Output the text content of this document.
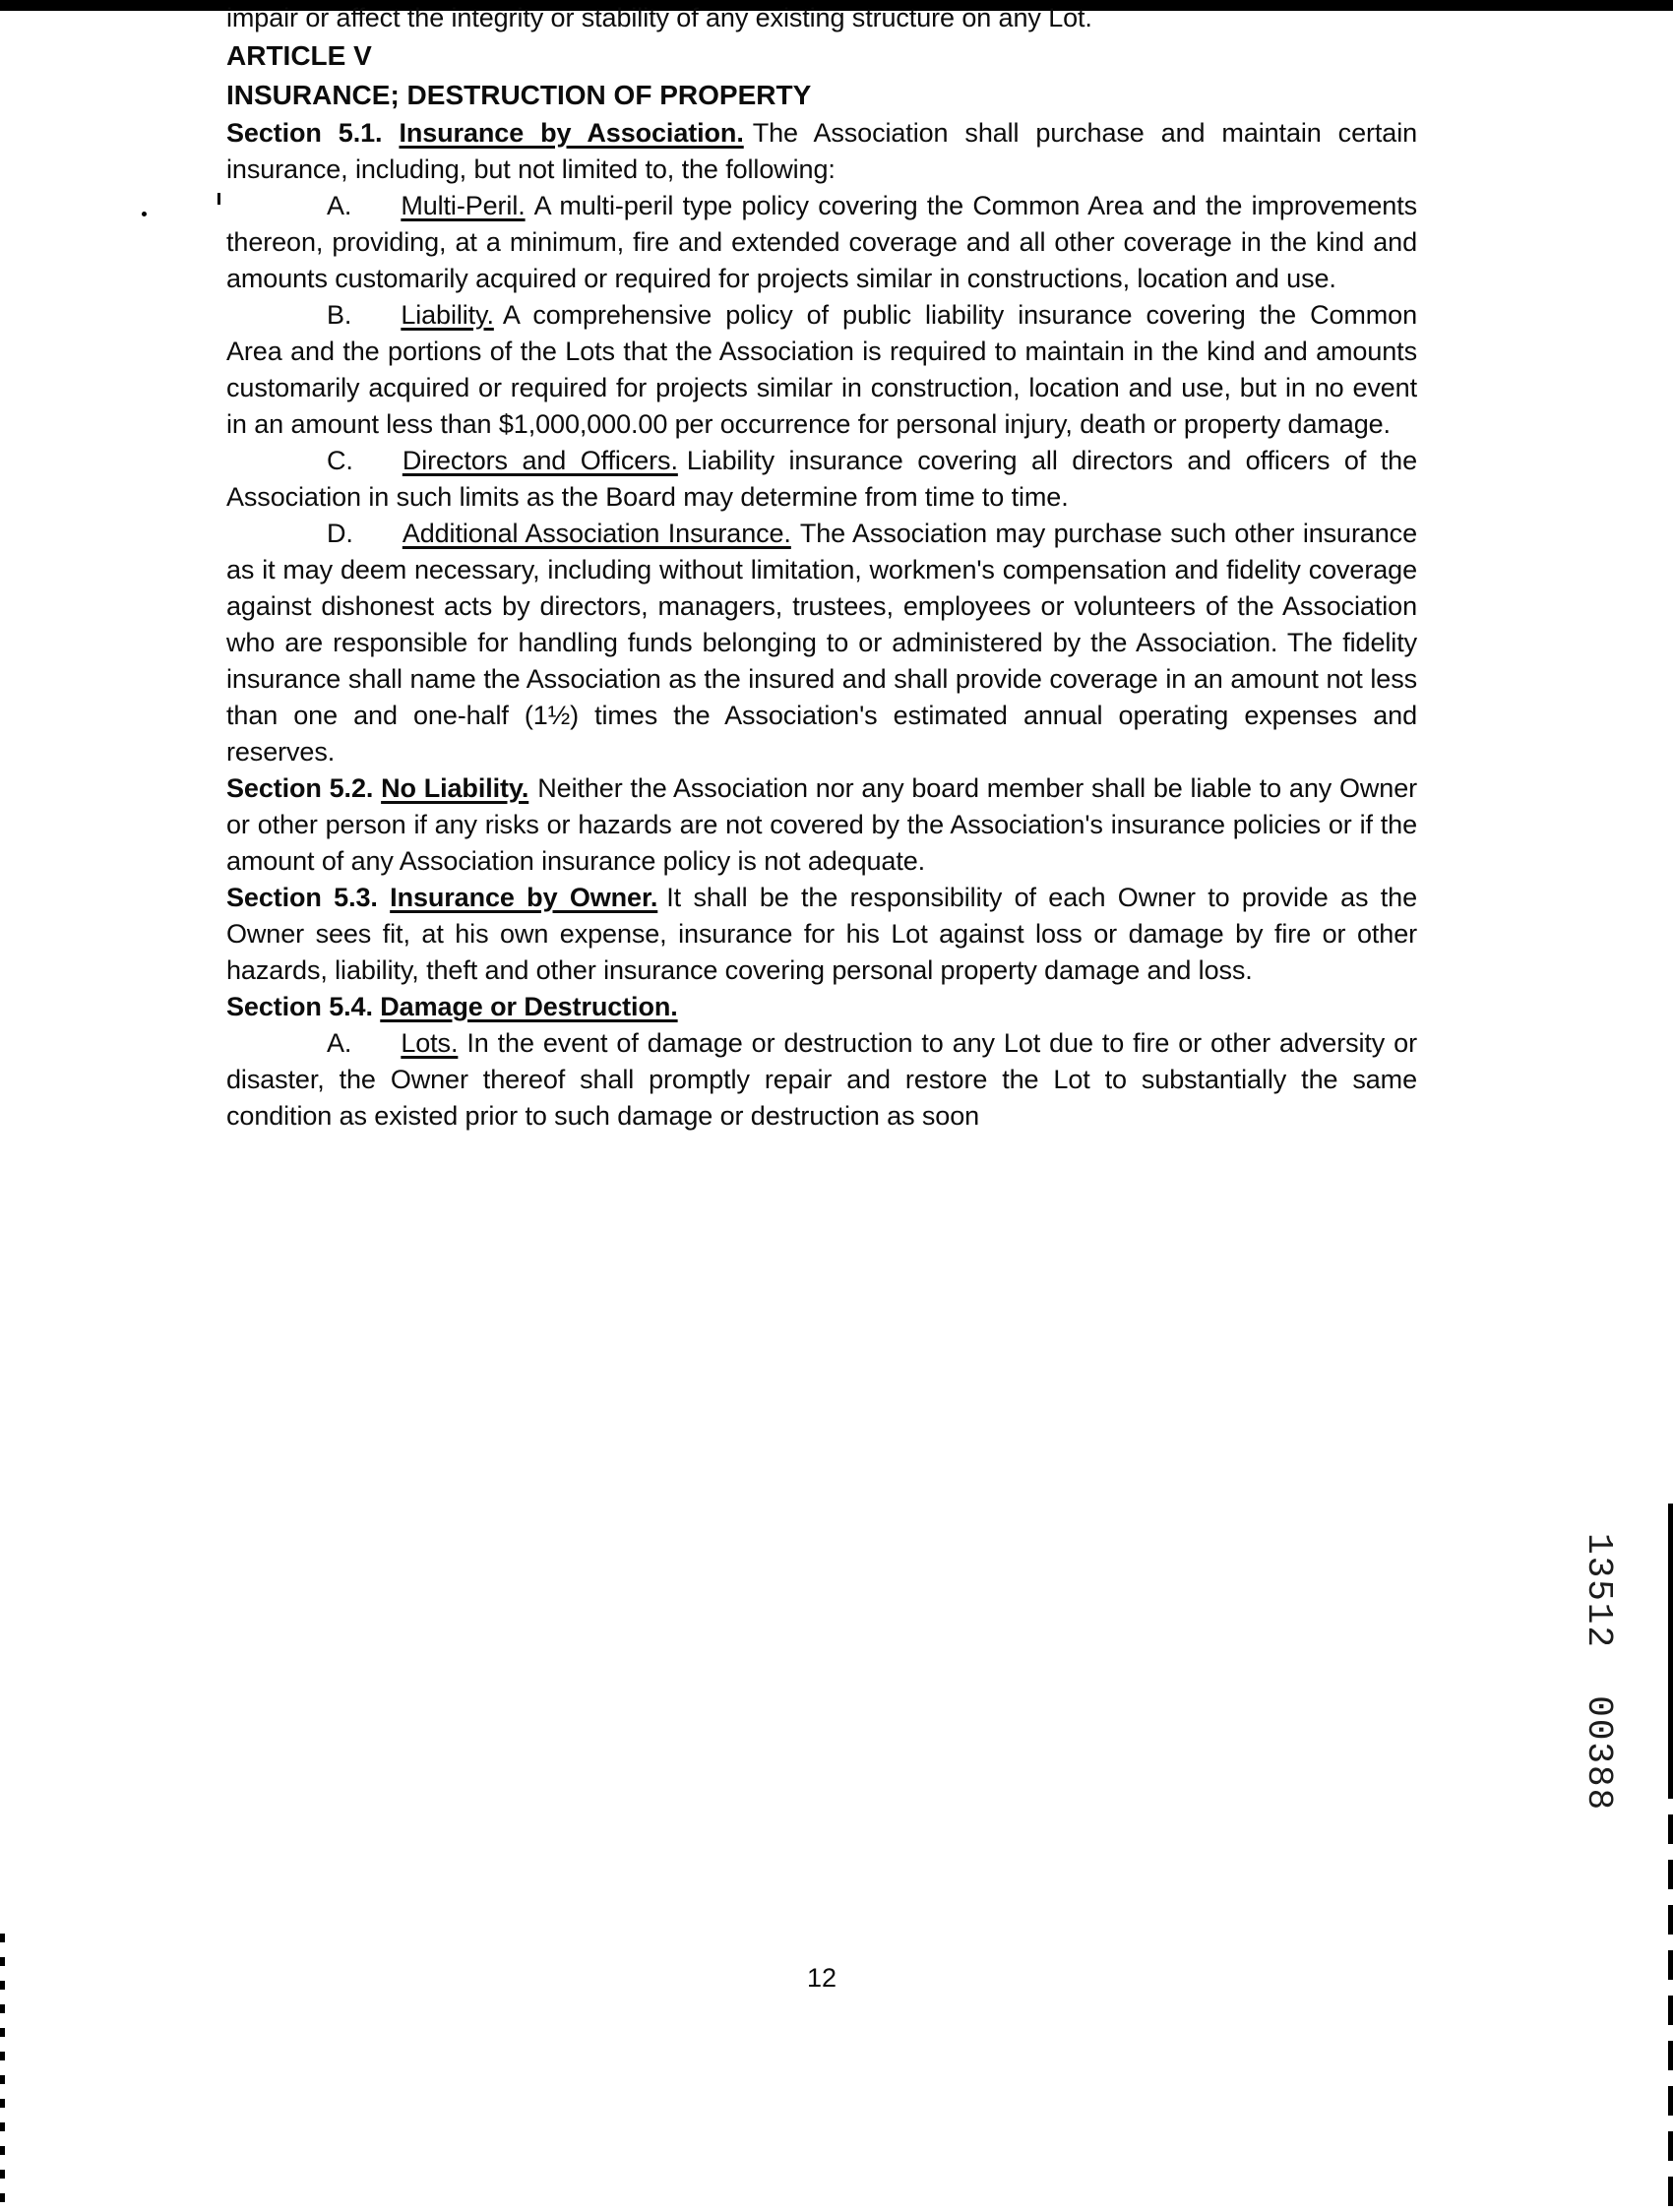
impair or affect the integrity or stability of any existing structure on any Lot.

ARTICLE V
INSURANCE; DESTRUCTION OF PROPERTY

Section 5.1. Insurance by Association. The Association shall purchase and maintain certain insurance, including, but not limited to, the following:

A. Multi-Peril. A multi-peril type policy covering the Common Area and the improvements thereon, providing, at a minimum, fire and extended coverage and all other coverage in the kind and amounts customarily acquired or required for projects similar in constructions, location and use.

B. Liability. A comprehensive policy of public liability insurance covering the Common Area and the portions of the Lots that the Association is required to maintain in the kind and amounts customarily acquired or required for projects similar in construction, location and use, but in no event in an amount less than $1,000,000.00 per occurrence for personal injury, death or property damage.

C. Directors and Officers. Liability insurance covering all directors and officers of the Association in such limits as the Board may determine from time to time.

D. Additional Association Insurance. The Association may purchase such other insurance as it may deem necessary, including without limitation, workmen's compensation and fidelity coverage against dishonest acts by directors, managers, trustees, employees or volunteers of the Association who are responsible for handling funds belonging to or administered by the Association. The fidelity insurance shall name the Association as the insured and shall provide coverage in an amount not less than one and one-half (1½) times the Association's estimated annual operating expenses and reserves.

Section 5.2. No Liability. Neither the Association nor any board member shall be liable to any Owner or other person if any risks or hazards are not covered by the Association's insurance policies or if the amount of any Association insurance policy is not adequate.

Section 5.3. Insurance by Owner. It shall be the responsibility of each Owner to provide as the Owner sees fit, at his own expense, insurance for his Lot against loss or damage by fire or other hazards, liability, theft and other insurance covering personal property damage and loss.

Section 5.4. Damage or Destruction.

A. Lots. In the event of damage or destruction to any Lot due to fire or other adversity or disaster, the Owner thereof shall promptly repair and restore the Lot to substantially the same condition as existed prior to such damage or destruction as soon

12
13512  00388
